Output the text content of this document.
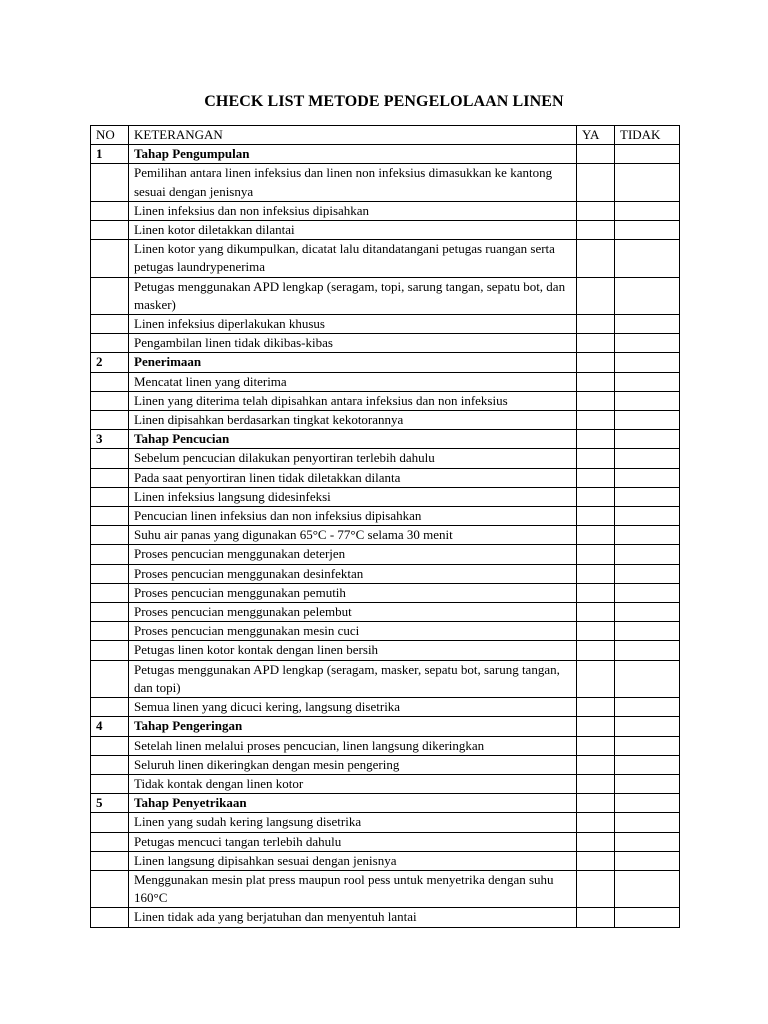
CHECK LIST METODE PENGELOLAAN LINEN
NO	KETERANGAN	YA	TIDAK
1	Tahap Pengumpulan		
	Pemilihan antara linen infeksius dan linen non infeksius dimasukkan ke kantong sesuai dengan jenisnya		
	Linen infeksius dan non infeksius dipisahkan		
	Linen kotor diletakkan dilantai		
	Linen kotor yang dikumpulkan, dicatat lalu ditandatangani petugas ruangan serta petugas laundrypenerima		
	Petugas menggunakan APD lengkap (seragam, topi, sarung tangan, sepatu bot, dan masker)		
	Linen infeksius diperlakukan khusus		
	Pengambilan linen tidak dikibas-kibas		
2	Penerimaan		
	Mencatat linen yang diterima		
	Linen yang diterima telah dipisahkan antara infeksius dan non infeksius		
	Linen dipisahkan berdasarkan tingkat kekotorannya		
3	Tahap Pencucian		
	Sebelum pencucian dilakukan penyortiran terlebih dahulu		
	Pada saat penyortiran linen tidak diletakkan dilanta		
	Linen infeksius langsung didesinfeksi		
	Pencucian linen infeksius dan non infeksius dipisahkan		
	Suhu air panas yang digunakan 65°C - 77°C selama 30 menit		
	Proses pencucian menggunakan deterjen		
	Proses pencucian menggunakan desinfektan		
	Proses pencucian menggunakan pemutih		
	Proses pencucian menggunakan pelembut		
	Proses pencucian menggunakan mesin cuci		
	Petugas linen kotor kontak dengan linen bersih		
	Petugas menggunakan APD lengkap (seragam, masker, sepatu bot, sarung tangan, dan topi)		
	Semua linen yang dicuci kering, langsung disetrika		
4	Tahap Pengeringan		
	Setelah linen melalui proses pencucian, linen langsung dikeringkan		
	Seluruh linen dikeringkan dengan mesin pengering		
	Tidak kontak dengan linen kotor		
5	Tahap Penyetrikaan		
	Linen yang sudah kering langsung disetrika		
	Petugas mencuci tangan terlebih dahulu		
	Linen langsung dipisahkan sesuai dengan jenisnya		
	Menggunakan mesin plat press maupun rool pess untuk menyetrika dengan suhu 160°C		
	Linen tidak ada yang berjatuhan dan menyentuh lantai		
